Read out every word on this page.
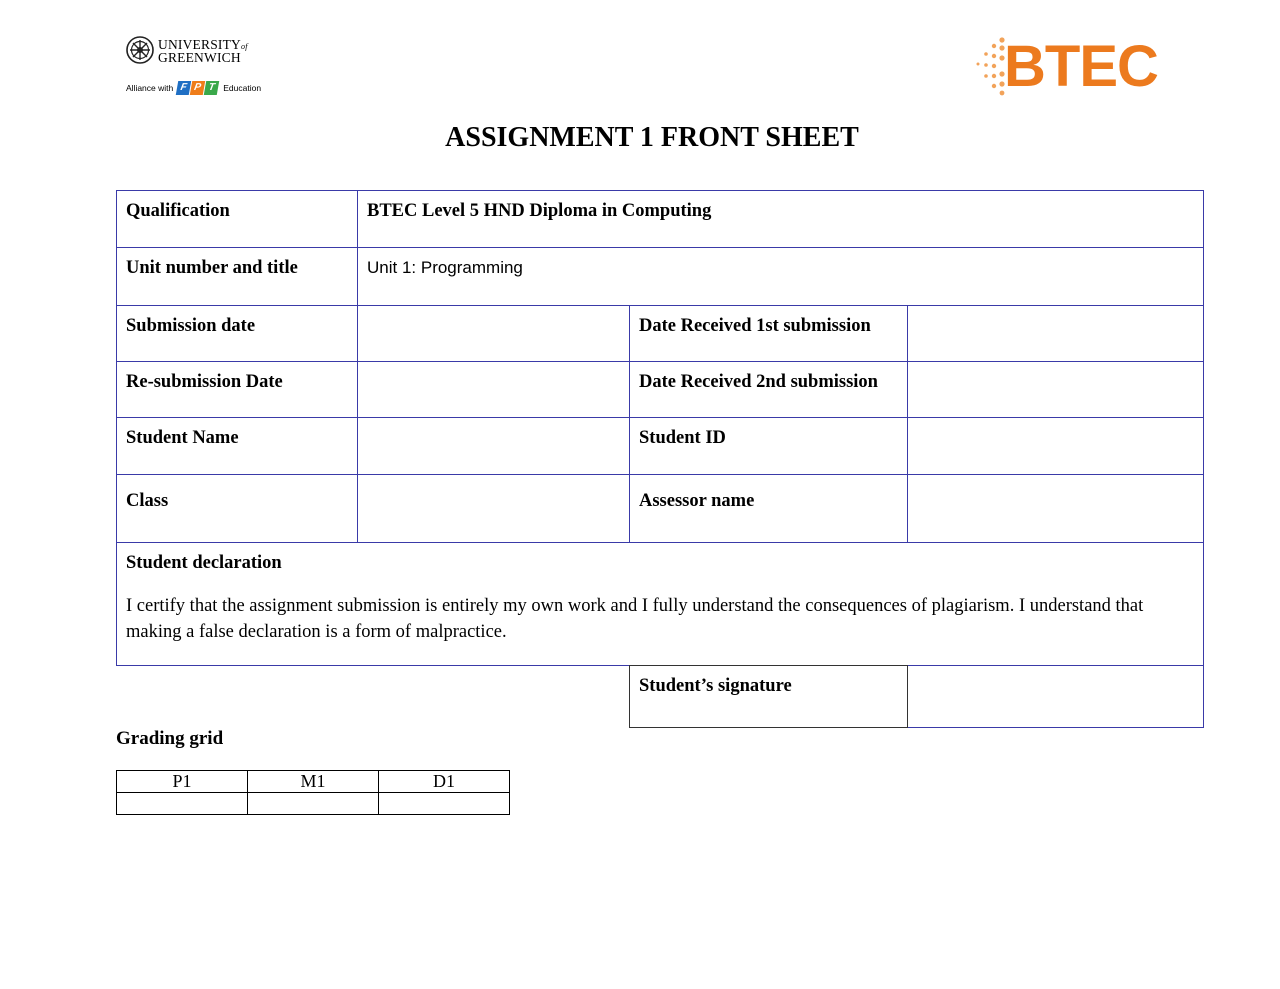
UNIVERSITYof
GREENWICH
Alliance with F P T Education	BTEC
ASSIGNMENT 1 FRONT SHEET
Qualification	BTEC Level 5 HND Diploma in Computing		
Unit number and title	Unit 1: Programming		
Submission date		Date Received 1st submission	
Re-submission Date		Date Received 2nd submission	
Student Name		Student ID	
Class		Assessor name	

Student declaration
I certify that the assignment submission is entirely my own work and I fully understand the consequences of plagiarism. I understand that making a false declaration is a form of malpractice.			
Student’s signature	
Grading grid
P1	M1	D1
